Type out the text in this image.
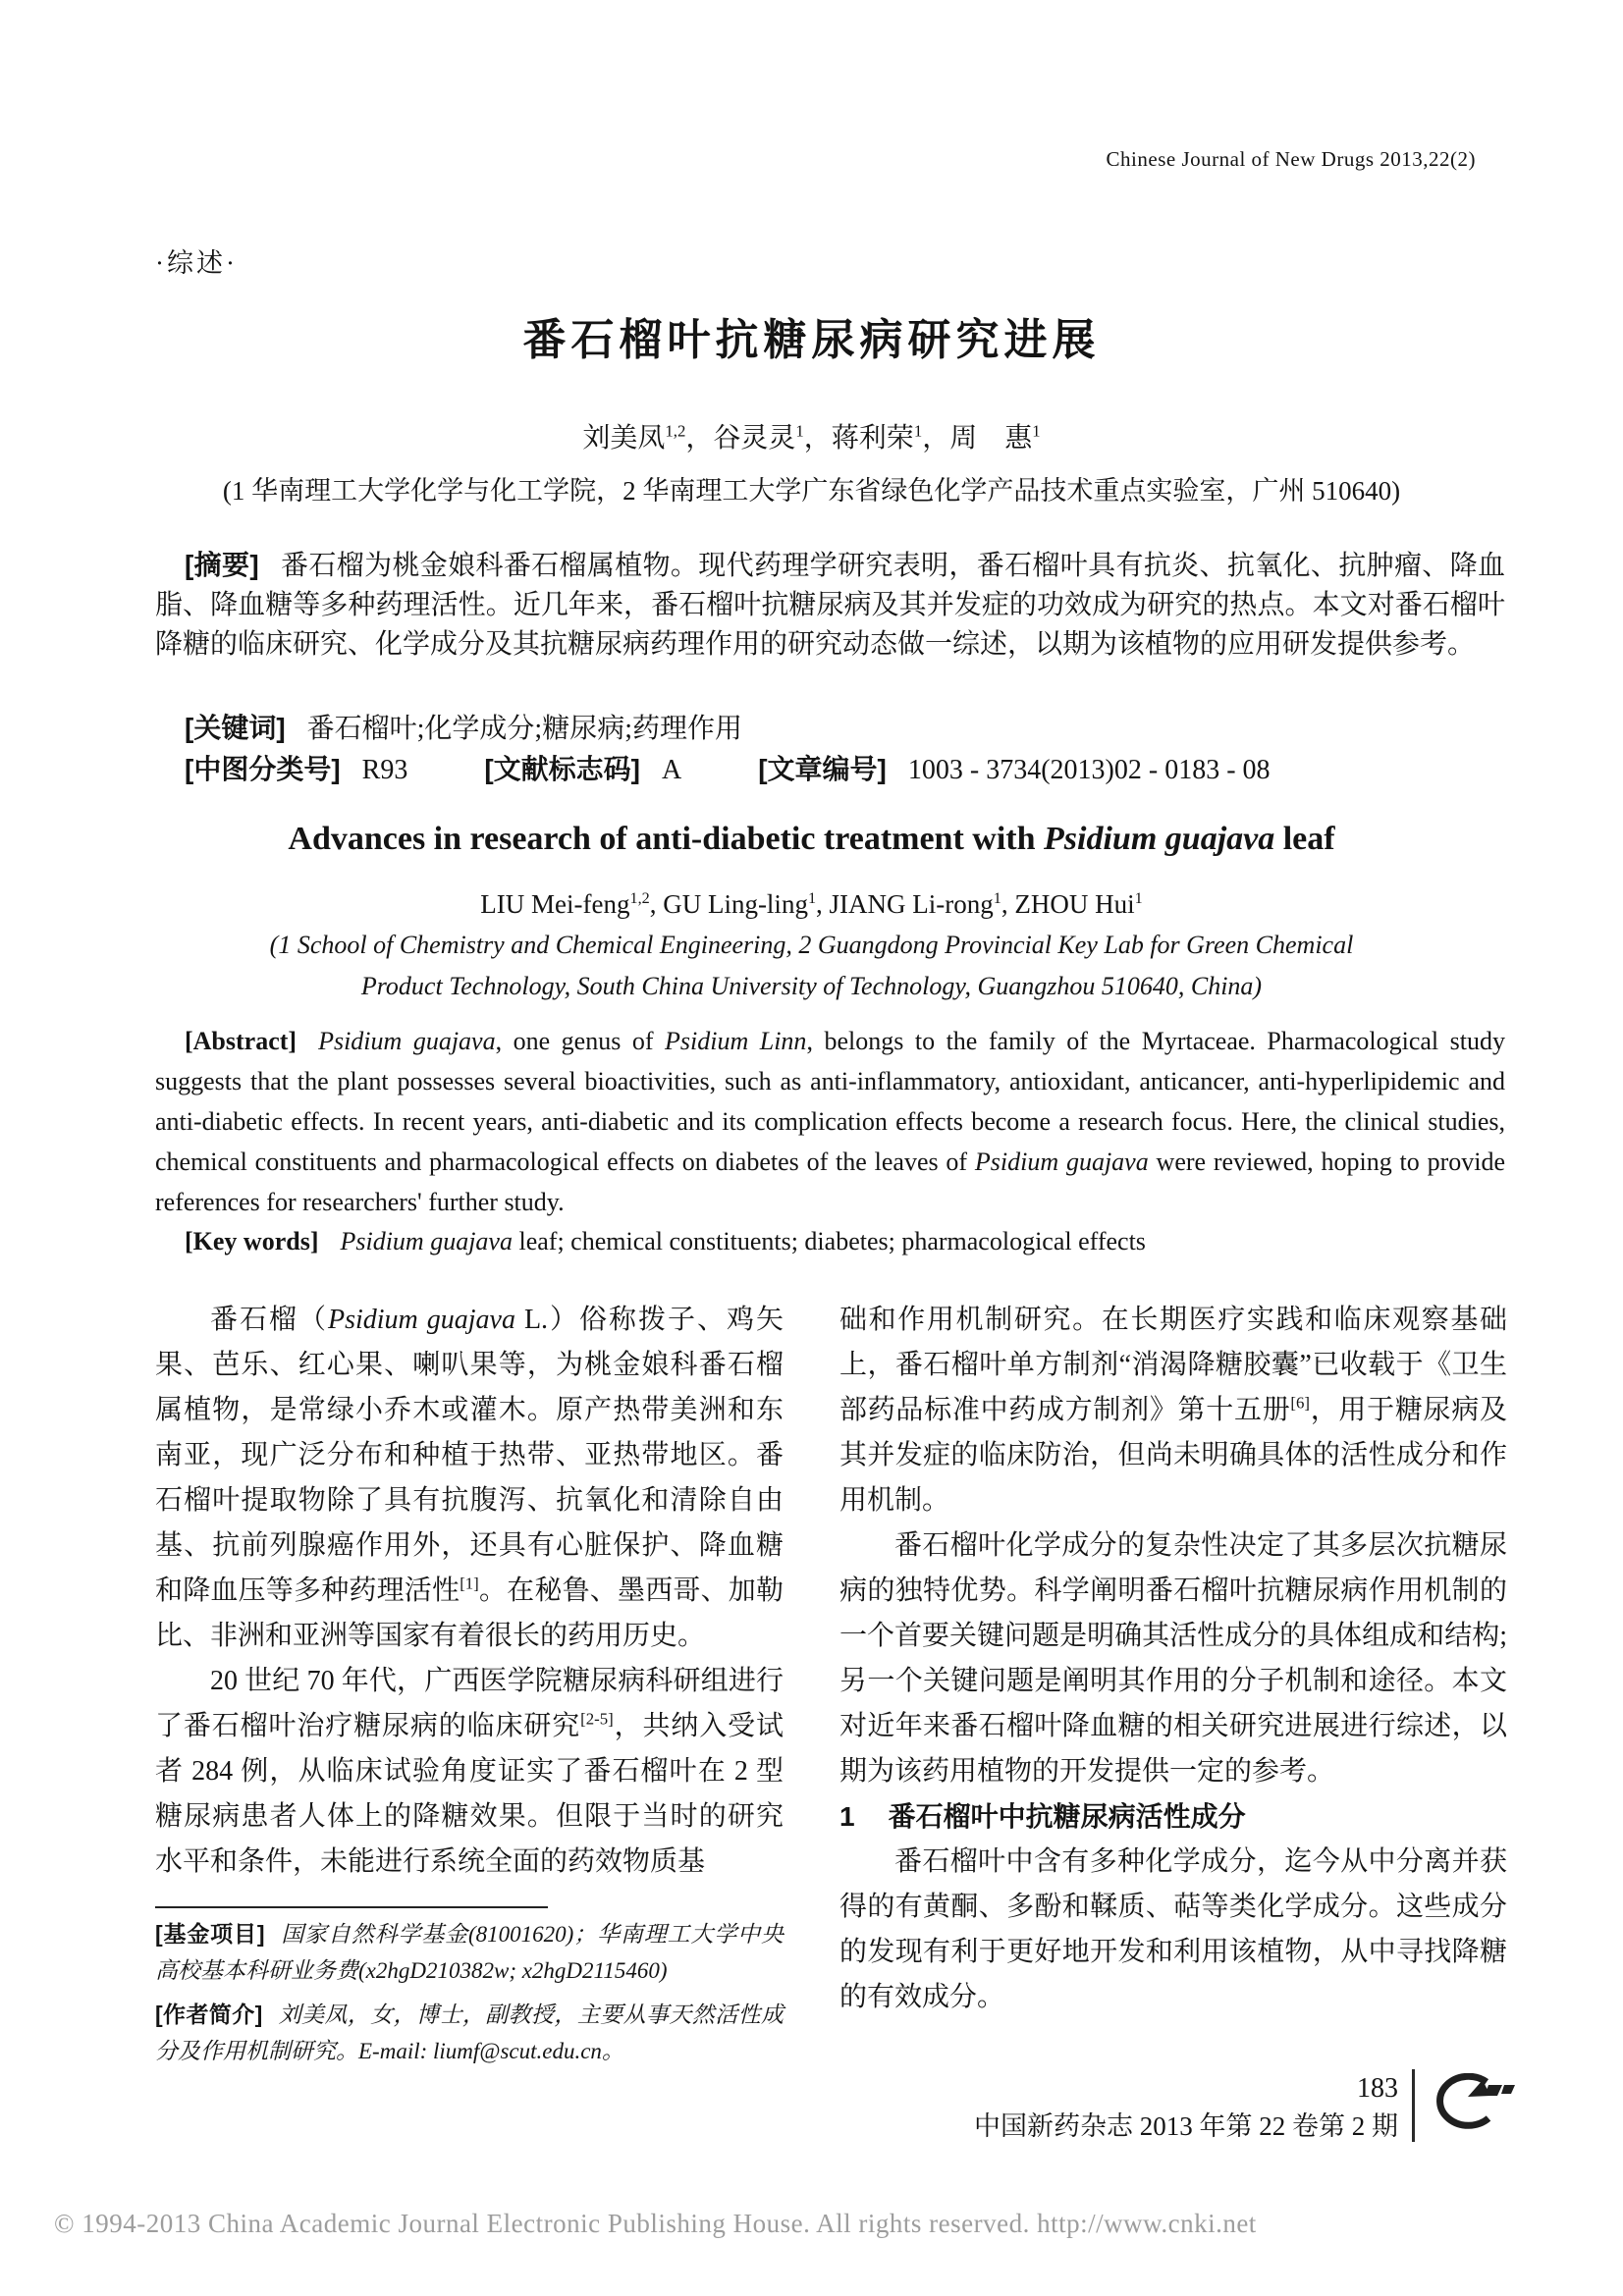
Chinese Journal of New Drugs 2013,22(2)
·综述·
番石榴叶抗糖尿病研究进展
刘美凤$^{1,2}$，谷灵灵$^1$，蒋利荣$^1$，周　惠$^1$
(1 华南理工大学化学与化工学院，2 华南理工大学广东省绿色化学产品技术重点实验室，广州 510640)

[摘要] 番石榴为桃金娘科番石榴属植物。现代药理学研究表明，番石榴叶具有抗炎、抗氧化、抗肿瘤、降血脂、降血糖等多种药理活性。近几年来，番石榴叶抗糖尿病及其并发症的功效成为研究的热点。本文对番石榴叶降糖的临床研究、化学成分及其抗糖尿病药理作用的研究动态做一综述，以期为该植物的应用研发提供参考。

[关键词] 番石榴叶;化学成分;糖尿病;药理作用

[中图分类号] R93	[文献标志码] A	[文章编号] 1003 - 3734(2013)02 - 0183 - 08

Advances in research of anti-diabetic treatment with Psidium guajava leaf
LIU Mei-feng$^{1,2}$, GU Ling-ling$^1$, JIANG Li-rong$^1$, ZHOU Hui$^1$
(1 School of Chemistry and Chemical Engineering, 2 Guangdong Provincial Key Lab for Green Chemical
Product Technology, South China University of Technology, Guangzhou 510640, China)

[Abstract] Psidium guajava, one genus of Psidium Linn, belongs to the family of the Myrtaceae. Pharmacological study suggests that the plant possesses several bioactivities, such as anti-inflammatory, antioxidant, anticancer, anti-hyperlipidemic and anti-diabetic effects. In recent years, anti-diabetic and its complication effects become a research focus. Here, the clinical studies, chemical constituents and pharmacological effects on diabetes of the leaves of Psidium guajava were reviewed, hoping to provide references for researchers' further study.

[Key words] Psidium guajava leaf; chemical constituents; diabetes; pharmacological effects

番石榴（Psidium guajava L.）俗称拨子、鸡矢果、芭乐、红心果、喇叭果等，为桃金娘科番石榴属植物，是常绿小乔木或灌木。原产热带美洲和东南亚，现广泛分布和种植于热带、亚热带地区。番石榴叶提取物除了具有抗腹泻、抗氧化和清除自由基、抗前列腺癌作用外，还具有心脏保护、降血糖和降血压等多种药理活性[1]。在秘鲁、墨西哥、加勒比、非洲和亚洲等国家有着很长的药用历史。

20 世纪 70 年代，广西医学院糖尿病科研组进行了番石榴叶治疗糖尿病的临床研究[2-5]，共纳入受试者 284 例，从临床试验角度证实了番石榴叶在 2 型糖尿病患者人体上的降糖效果。但限于当时的研究水平和条件，未能进行系统全面的药效物质基

[基金项目] 国家自然科学基金(81001620)；华南理工大学中央高校基本科研业务费(x2hgD210382w; x2hgD2115460)

[作者简介] 刘美凤，女，博士，副教授，主要从事天然活性成分及作用机制研究。E-mail: liumf@scut.edu.cn。

础和作用机制研究。在长期医疗实践和临床观察基础上，番石榴叶单方制剂“消渴降糖胶囊”已收载于《卫生部药品标准中药成方制剂》第十五册[6]，用于糖尿病及其并发症的临床防治，但尚未明确具体的活性成分和作用机制。

番石榴叶化学成分的复杂性决定了其多层次抗糖尿病的独特优势。科学阐明番石榴叶抗糖尿病作用机制的一个首要关键问题是明确其活性成分的具体组成和结构;另一个关键问题是阐明其作用的分子机制和途径。本文对近年来番石榴叶降血糖的相关研究进展进行综述，以期为该药用植物的开发提供一定的参考。

1 番石榴叶中抗糖尿病活性成分

番石榴叶中含有多种化学成分，迄今从中分离并获得的有黄酮、多酚和鞣质、萜等类化学成分。这些成分的发现有利于更好地开发和利用该植物，从中寻找降糖的有效成分。

183
中国新药杂志 2013 年第 22 卷第 2 期
© 1994-2013 China Academic Journal Electronic Publishing House. All rights reserved. http://www.cnki.net
